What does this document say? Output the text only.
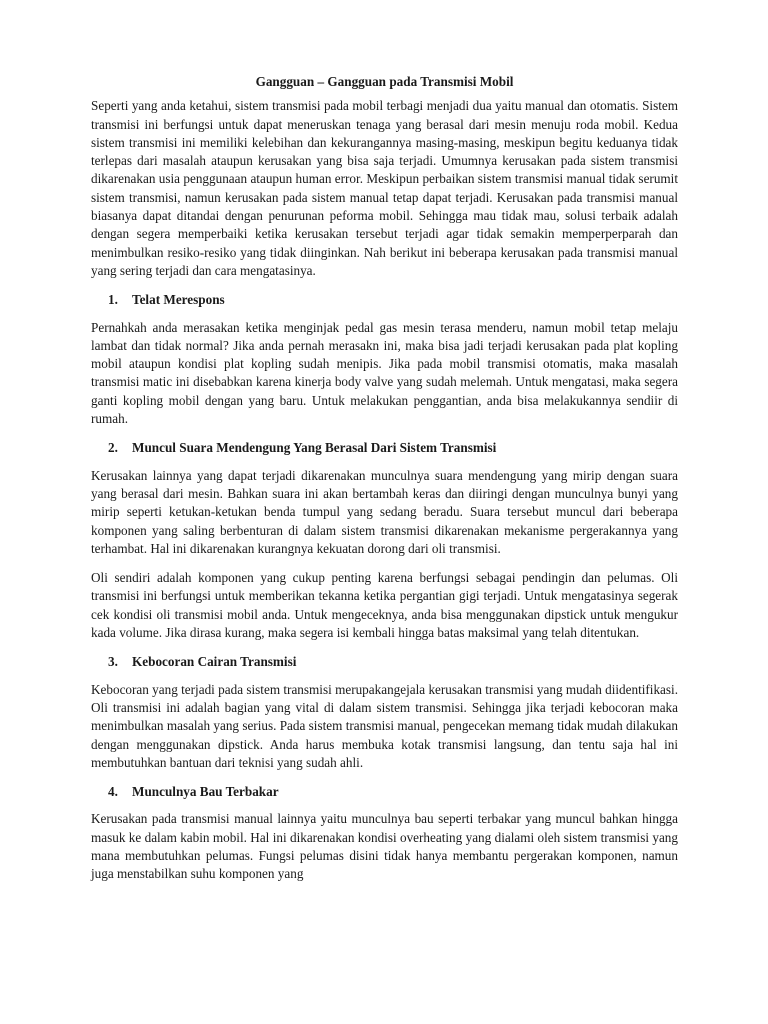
Gangguan – Gangguan pada Transmisi Mobil

Seperti yang anda ketahui, sistem transmisi pada mobil terbagi menjadi dua yaitu manual dan otomatis. Sistem transmisi ini berfungsi untuk dapat meneruskan tenaga yang berasal dari mesin menuju roda mobil. Kedua sistem transmisi ini memiliki kelebihan dan kekurangannya masing-masing, meskipun begitu keduanya tidak terlepas dari masalah ataupun kerusakan yang bisa saja terjadi. Umumnya kerusakan pada sistem transmisi dikarenakan usia penggunaan ataupun human error. Meskipun perbaikan sistem transmisi manual tidak serumit sistem transmisi, namun kerusakan pada sistem manual tetap dapat terjadi. Kerusakan pada transmisi manual biasanya dapat ditandai dengan penurunan peforma mobil. Sehingga mau tidak mau, solusi terbaik adalah dengan segera memperbaiki ketika kerusakan tersebut terjadi agar tidak semakin memperperparah dan menimbulkan resiko-resiko yang tidak diinginkan. Nah berikut ini beberapa kerusakan pada transmisi manual yang sering terjadi dan cara mengatasinya.

1. Telat Merespons

Pernahkah anda merasakan ketika menginjak pedal gas mesin terasa menderu, namun mobil tetap melaju lambat dan tidak normal? Jika anda pernah merasakn ini, maka bisa jadi terjadi kerusakan pada plat kopling mobil ataupun kondisi plat kopling sudah menipis. Jika pada mobil transmisi otomatis, maka masalah transmisi matic ini disebabkan karena kinerja body valve yang sudah melemah. Untuk mengatasi, maka segera ganti kopling mobil dengan yang baru. Untuk melakukan penggantian, anda bisa melakukannya sendiir di rumah.

2. Muncul Suara Mendengung Yang Berasal Dari Sistem Transmisi

Kerusakan lainnya yang dapat terjadi dikarenakan munculnya suara mendengung yang mirip dengan suara yang berasal dari mesin. Bahkan suara ini akan bertambah keras dan diiringi dengan munculnya bunyi yang mirip seperti ketukan-ketukan benda tumpul yang sedang beradu. Suara tersebut muncul dari beberapa komponen yang saling berbenturan di dalam sistem transmisi dikarenakan mekanisme pergerakannya yang terhambat. Hal ini dikarenakan kurangnya kekuatan dorong dari oli transmisi.

Oli sendiri adalah komponen yang cukup penting karena berfungsi sebagai pendingin dan pelumas. Oli transmisi ini berfungsi untuk memberikan tekanna ketika pergantian gigi terjadi. Untuk mengatasinya segerak cek kondisi oli transmisi mobil anda. Untuk mengeceknya, anda bisa menggunakan dipstick untuk mengukur kada volume. Jika dirasa kurang, maka segera isi kembali hingga batas maksimal yang telah ditentukan.

3. Kebocoran Cairan Transmisi

Kebocoran yang terjadi pada sistem transmisi merupakangejala kerusakan transmisi yang mudah diidentifikasi. Oli transmisi ini adalah bagian yang vital di dalam sistem transmisi. Sehingga jika terjadi kebocoran maka menimbulkan masalah yang serius. Pada sistem transmisi manual, pengecekan memang tidak mudah dilakukan dengan menggunakan dipstick. Anda harus membuka kotak transmisi langsung, dan tentu saja hal ini membutuhkan bantuan dari teknisi yang sudah ahli.

4. Munculnya Bau Terbakar

Kerusakan pada transmisi manual lainnya yaitu munculnya bau seperti terbakar yang muncul bahkan hingga masuk ke dalam kabin mobil. Hal ini dikarenakan kondisi overheating yang dialami oleh sistem transmisi yang mana membutuhkan pelumas. Fungsi pelumas disini tidak hanya membantu pergerakan komponen, namun juga menstabilkan suhu komponen yang
